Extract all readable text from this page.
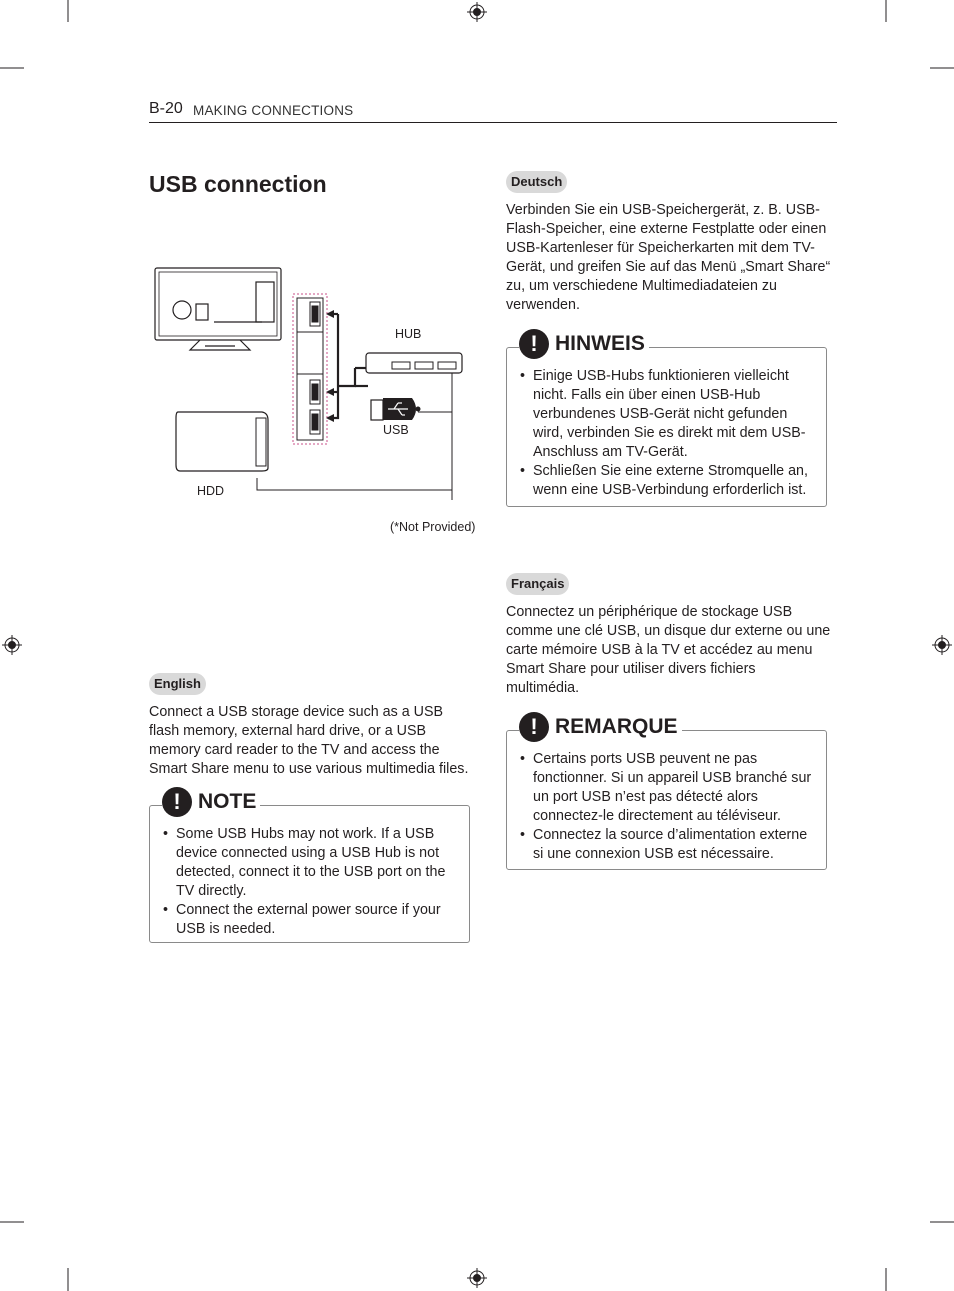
B-20 MAKING CONNECTIONS
USB connection
HUB
USB
HDD
(*Not Provided)
English

Connect a USB storage device such as a USB flash memory, external hard drive, or a USB memory card reader to the TV and access the Smart Share menu to use various multimedia files.

! NOTE
• Some USB Hubs may not work. If a USB device connected using a USB Hub is not detected, connect it to the USB port on the TV directly.
• Connect the external power source if your USB is needed.
Deutsch

Verbinden Sie ein USB-Speichergerät, z. B. USB-Flash-Speicher, eine externe Festplatte oder einen USB-Kartenleser für Speicherkarten mit dem TV-Gerät, und greifen Sie auf das Menü „Smart Share“ zu, um verschiedene Multimediadateien zu verwenden.

! HINWEIS
• Einige USB-Hubs funktionieren vielleicht nicht. Falls ein über einen USB-Hub verbundenes USB-Gerät nicht gefunden wird, verbinden Sie es direkt mit dem USB-Anschluss am TV-Gerät.
• Schließen Sie eine externe Stromquelle an, wenn eine USB-Verbindung erforderlich ist.
Français

Connectez un périphérique de stockage USB comme une clé USB, un disque dur externe ou une carte mémoire USB à la TV et accédez au menu Smart Share pour utiliser divers fichiers multimédia.

! REMARQUE
• Certains ports USB peuvent ne pas fonctionner. Si un appareil USB branché sur un port USB n’est pas détecté alors connectez-le directement au téléviseur.
• Connectez la source d’alimentation externe si une connexion USB est nécessaire.
